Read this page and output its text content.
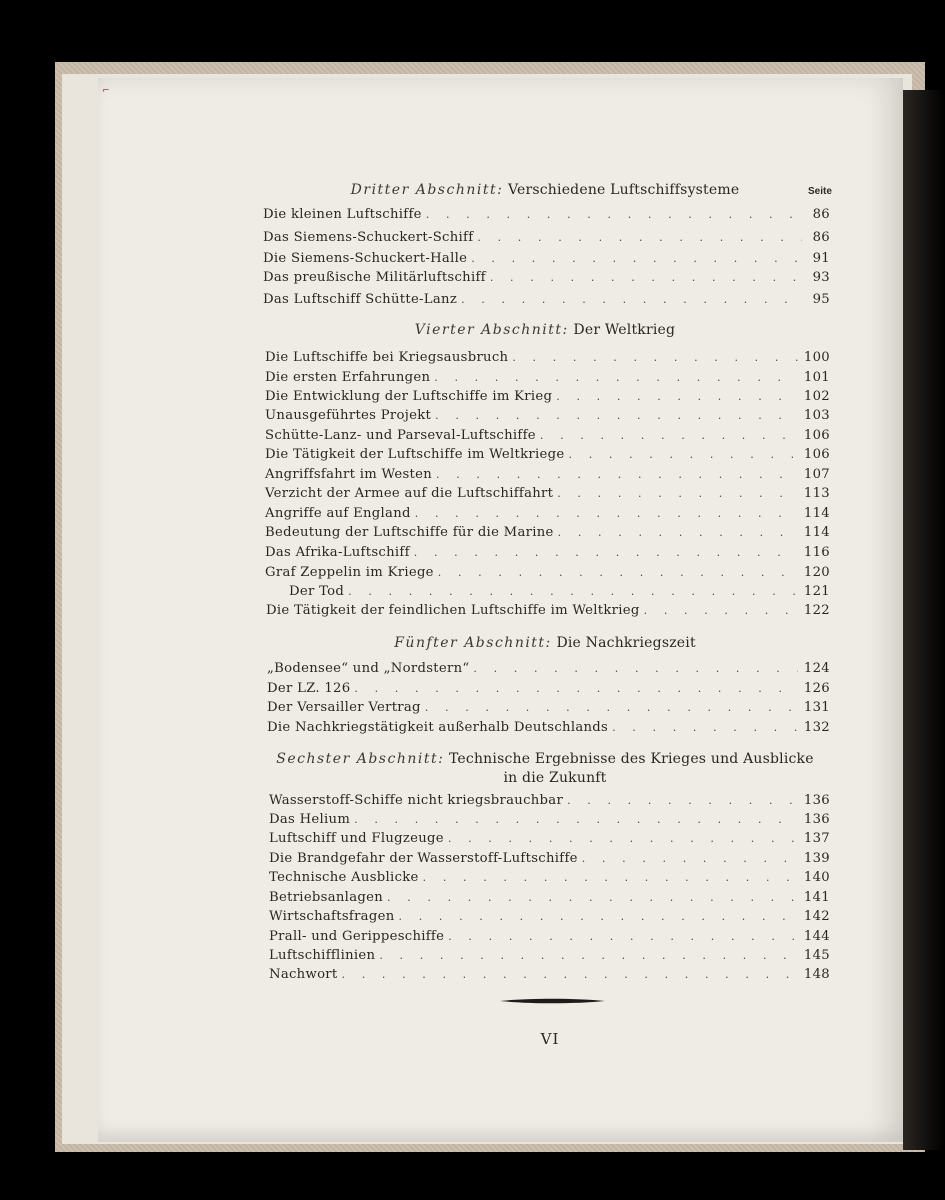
⌐
Seite
Dritter Abschnitt: Verschiedene Luftschiffsysteme
Die kleinen Luftschiffe . . .	86
Das Siemens-Schuckert-Schiff . . .	86
Die Siemens-Schuckert-Halle . . .	91
Das preußische Militärluftschiff . . .	93
Das Luftschiff Schütte-Lanz . . .	95
Vierter Abschnitt: Der Weltkrieg
Die Luftschiffe bei Kriegsausbruch . . .	100
Die ersten Erfahrungen . . .	101
Die Entwicklung der Luftschiffe im Krieg . . .	102
Unausgeführtes Projekt . . .	103
Schütte-Lanz- und Parseval-Luftschiffe . . .	106
Die Tätigkeit der Luftschiffe im Weltkriege . . .	106
Angriffsfahrt im Westen . . .	107
Verzicht der Armee auf die Luftschiffahrt . . .	113
Angriffe auf England . . .	114
Bedeutung der Luftschiffe für die Marine . . .	114
Das Afrika-Luftschiff . . .	116
Graf Zeppelin im Kriege . . .	120
Der Tod . . .	121
Die Tätigkeit der feindlichen Luftschiffe im Weltkrieg . . .	122
Fünfter Abschnitt: Die Nachkriegszeit
„Bodensee“ und „Nordstern“ . . .	124
Der LZ. 126 . . .	126
Der Versailler Vertrag . . .	131
Die Nachkriegstätigkeit außerhalb Deutschlands . . .	132
Sechster Abschnitt: Technische Ergebnisse des Krieges und Ausblicke
in die Zukunft
Wasserstoff-Schiffe nicht kriegsbrauchbar . . .	136
Das Helium . . .	136
Luftschiff und Flugzeuge . . .	137
Die Brandgefahr der Wasserstoff-Luftschiffe . . .	139
Technische Ausblicke . . .	140
Betriebsanlagen . . .	141
Wirtschaftsfragen . . .	142
Prall- und Gerippeschiffe . . .	144
Luftschifflinien . . .	145
Nachwort . . .	148
VI
